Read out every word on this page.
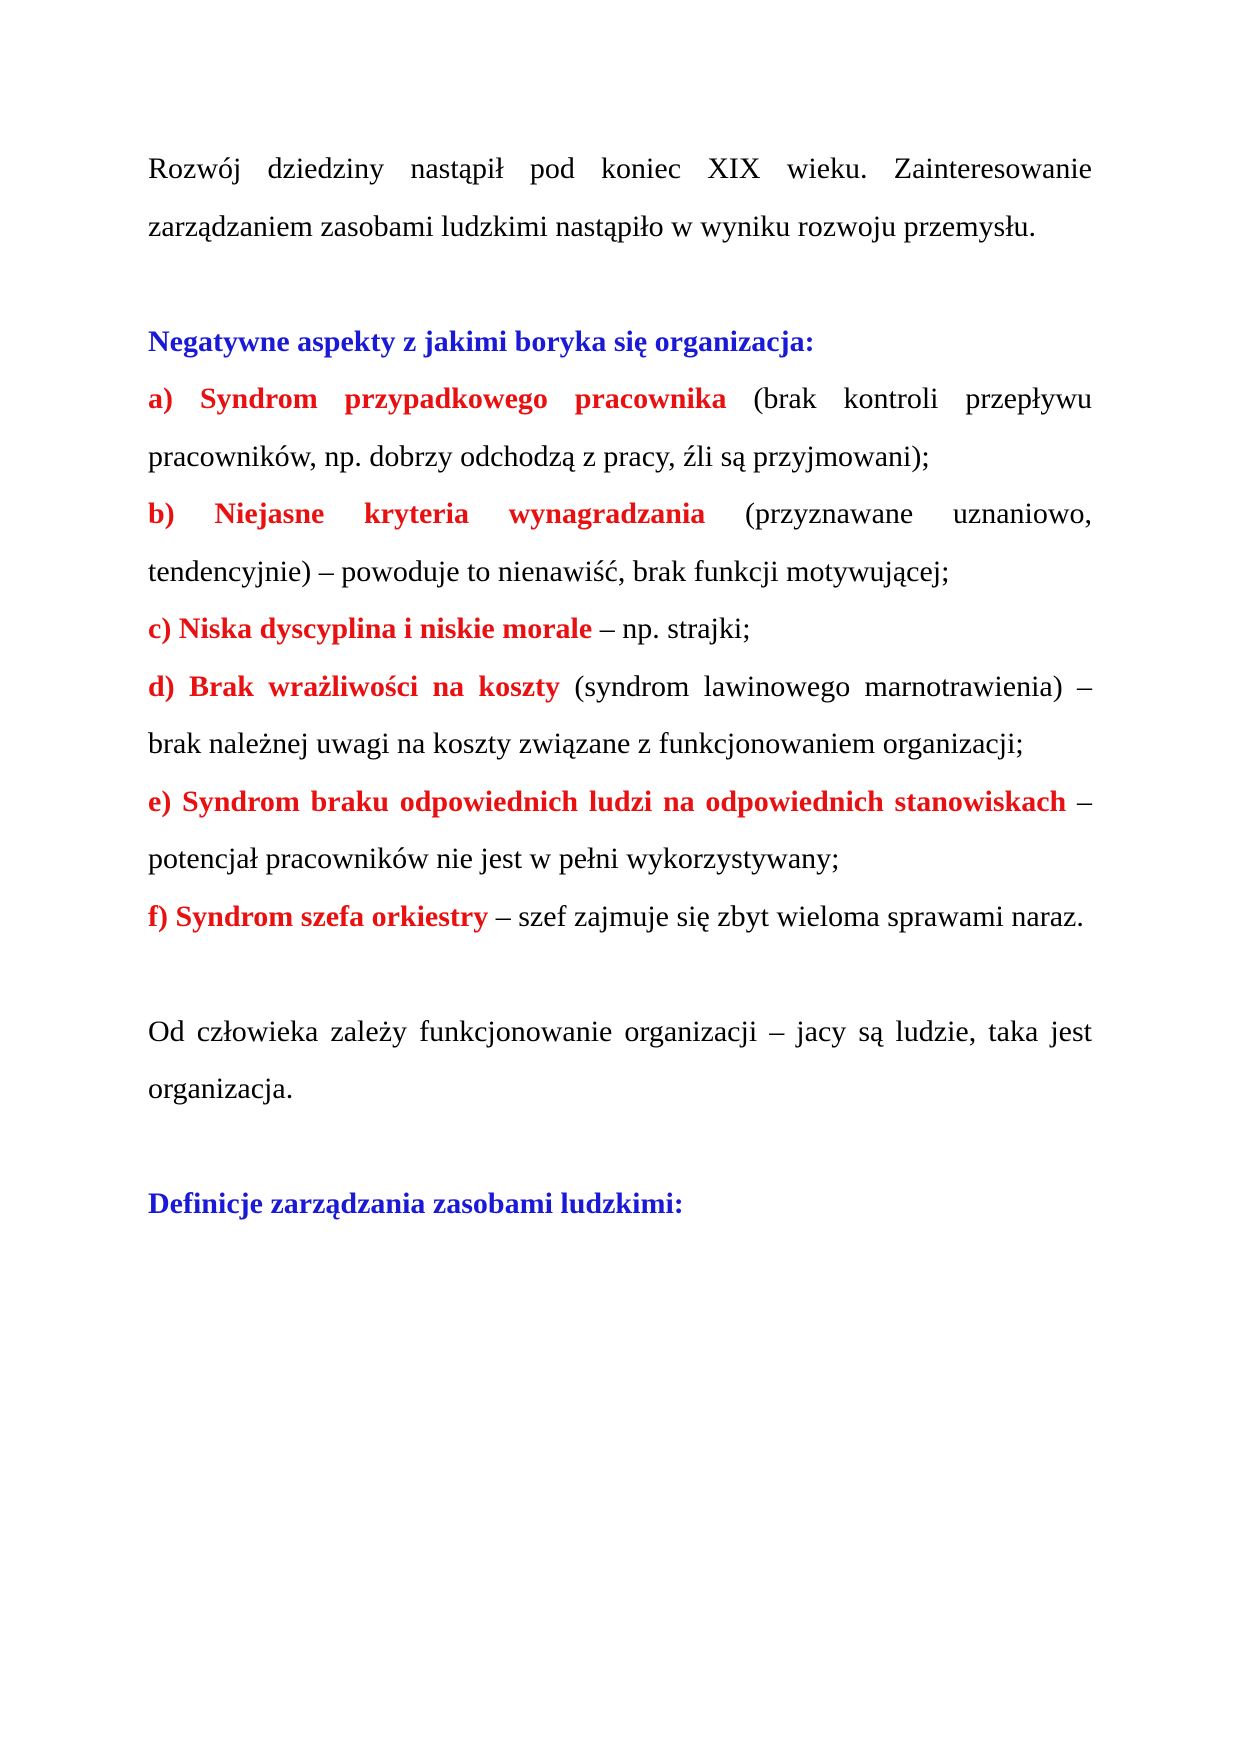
Rozwój dziedziny nastąpił pod koniec XIX wieku. Zainteresowanie zarządzaniem zasobami ludzkimi nastąpiło w wyniku rozwoju przemysłu.

Negatywne aspekty z jakimi boryka się organizacja:

a) Syndrom przypadkowego pracownika (brak kontroli przepływu pracowników, np. dobrzy odchodzą z pracy, źli są przyjmowani);

b) Niejasne kryteria wynagradzania (przyznawane uznaniowo, tendencyjnie) – powoduje to nienawiść, brak funkcji motywującej;

c) Niska dyscyplina i niskie morale – np. strajki;

d) Brak wrażliwości na koszty (syndrom lawinowego marnotrawienia) – brak należnej uwagi na koszty związane z funkcjonowaniem organizacji;

e) Syndrom braku odpowiednich ludzi na odpowiednich stanowiskach – potencjał pracowników nie jest w pełni wykorzystywany;

f) Syndrom szefa orkiestry – szef zajmuje się zbyt wieloma sprawami naraz.

Od człowieka zależy funkcjonowanie organizacji – jacy są ludzie, taka jest organizacja.

Definicje zarządzania zasobami ludzkimi:
